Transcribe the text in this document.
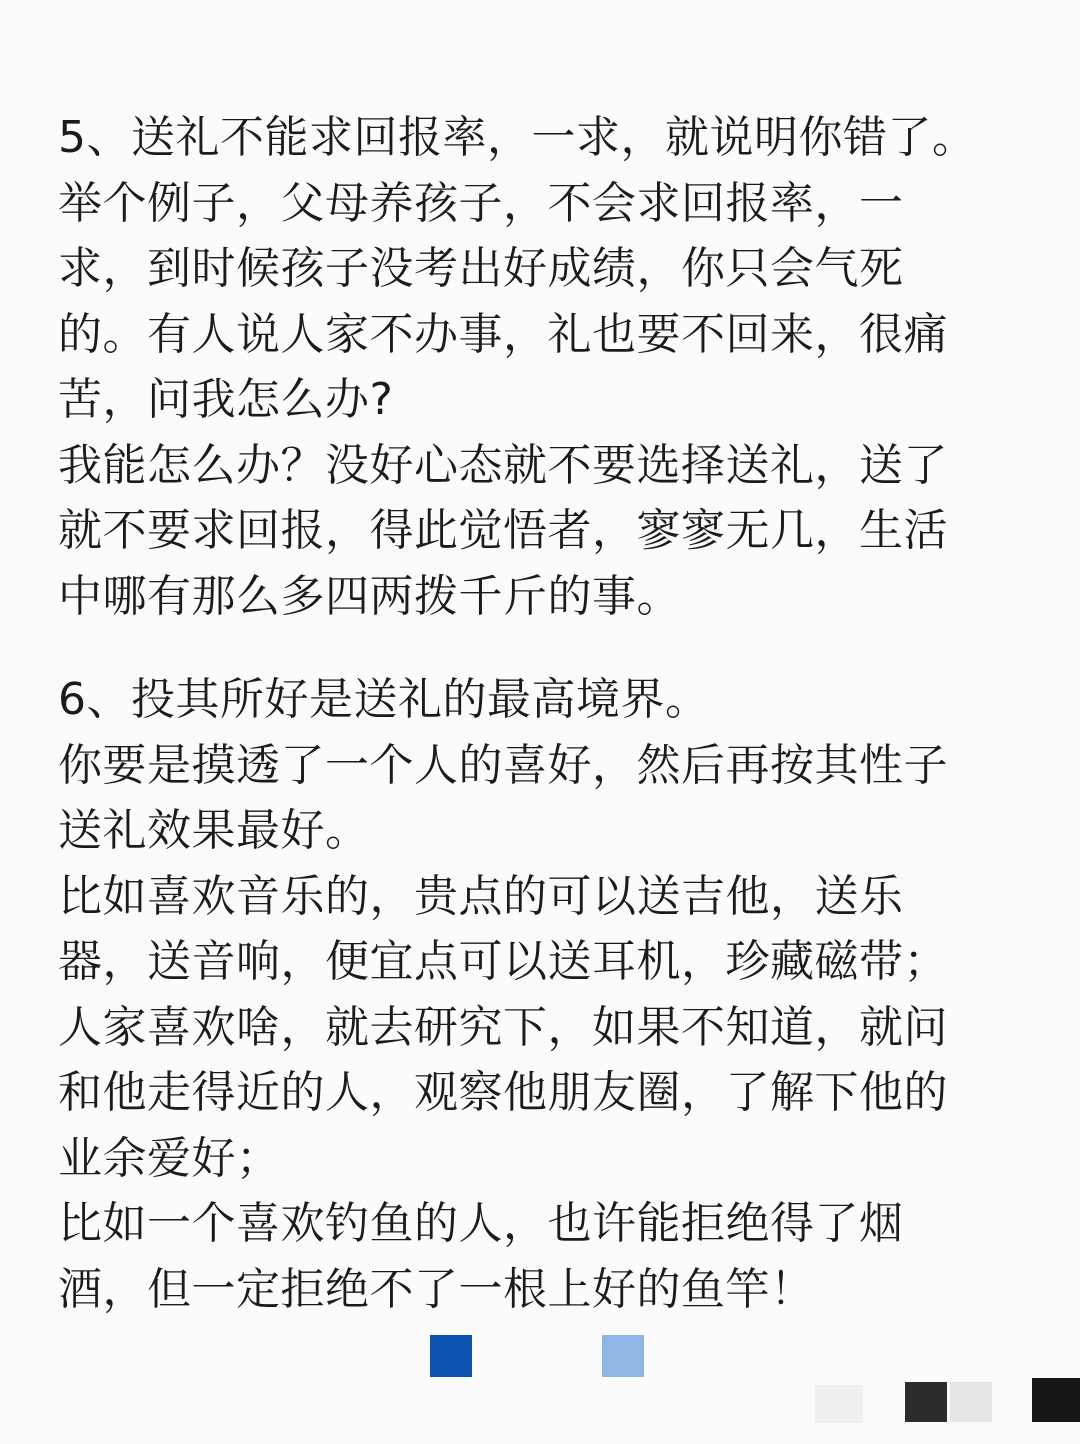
5、送礼不能求回报率，一求，就说明你错了。
举个例子，父母养孩子，不会求回报率，一
求，到时候孩子没考出好成绩，你只会气死
的。有人说人家不办事，礼也要不回来，很痛
苦，问我怎么办?
我能怎么办？没好心态就不要选择送礼，送了
就不要求回报，得此觉悟者，寥寥无几，生活
中哪有那么多四两拨千斤的事。
6、投其所好是送礼的最高境界。
你要是摸透了一个人的喜好，然后再按其性子
送礼效果最好。
比如喜欢音乐的，贵点的可以送吉他，送乐
器，送音响，便宜点可以送耳机，珍藏磁带；
人家喜欢啥，就去研究下，如果不知道，就问
和他走得近的人，观察他朋友圈，了解下他的
业余爱好；
比如一个喜欢钓鱼的人，也许能拒绝得了烟
酒，但一定拒绝不了一根上好的鱼竿！
